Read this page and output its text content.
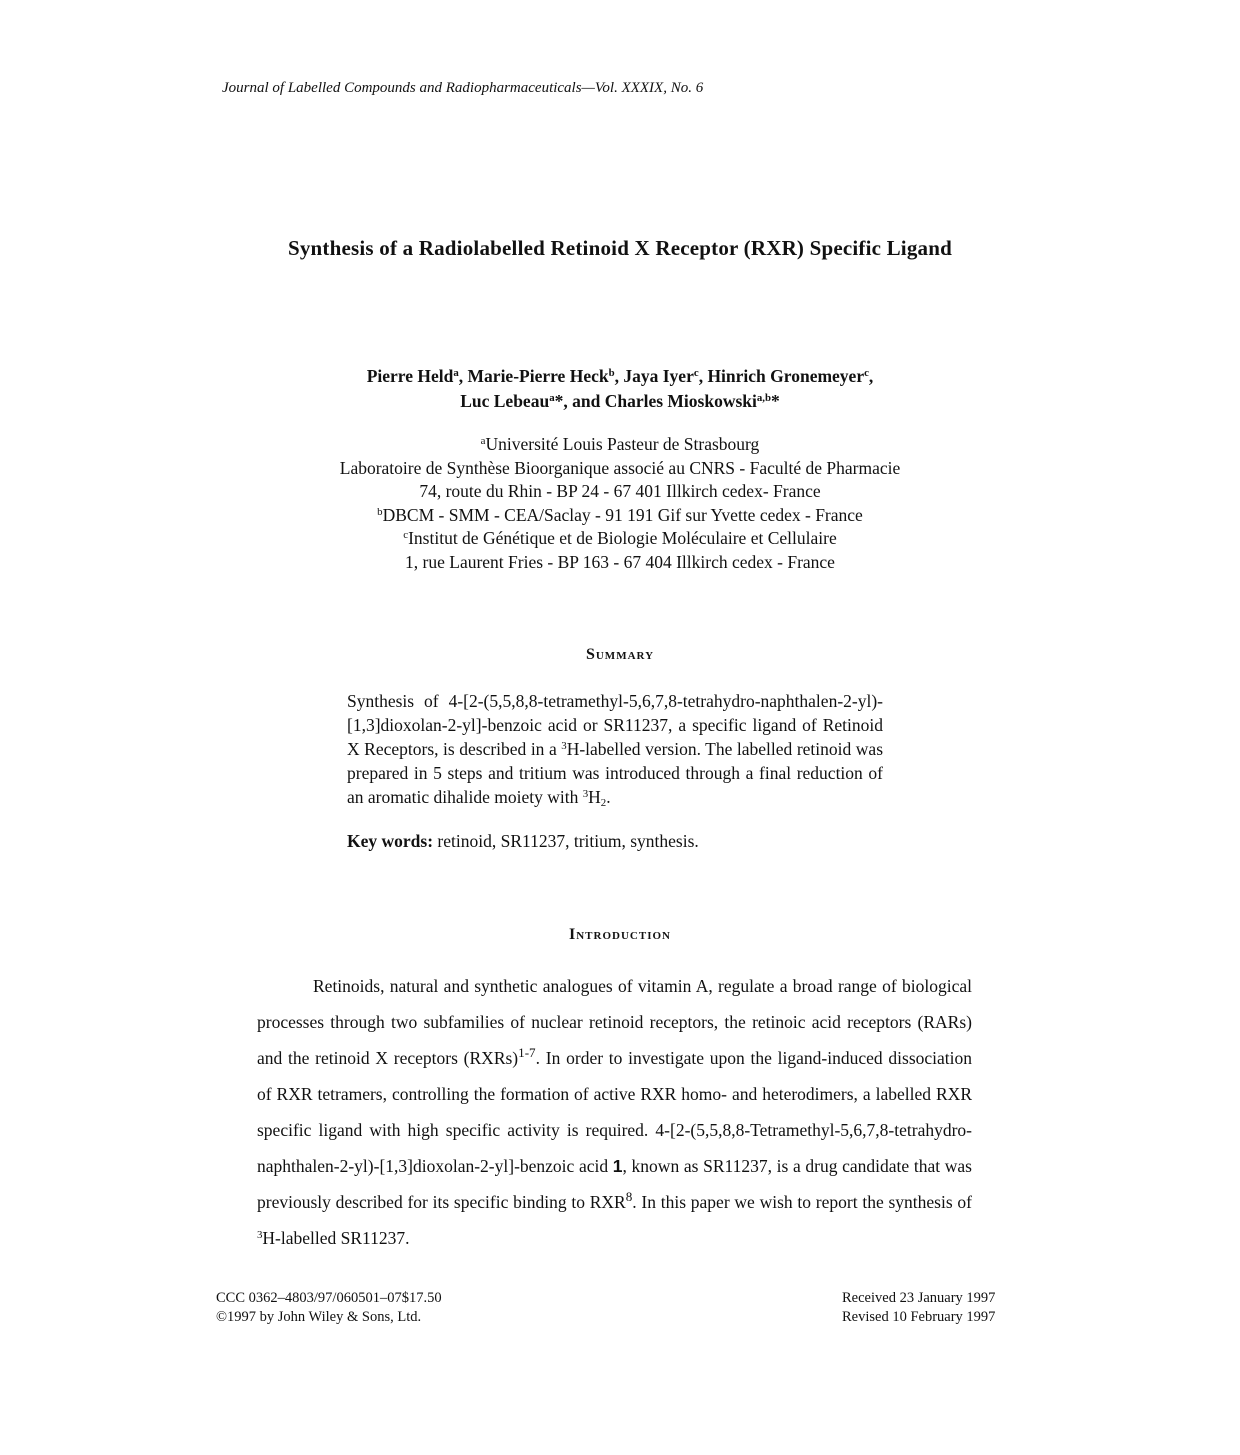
Journal of Labelled Compounds and Radiopharmaceuticals—Vol. XXXIX, No. 6
Synthesis of a Radiolabelled Retinoid X Receptor (RXR) Specific Ligand
Pierre Held$^a$, Marie-Pierre Heck$^b$, Jaya Iyer$^c$, Hinrich Gronemeyer$^c$,
Luc Lebeau$^a$*, and Charles Mioskowski$^{a,b}$*
$^a$Université Louis Pasteur de Strasbourg
Laboratoire de Synthèse Bioorganique associé au CNRS - Faculté de Pharmacie
74, route du Rhin - BP 24 - 67 401 Illkirch cedex- France
$^b$DBCM - SMM - CEA/Saclay - 91 191 Gif sur Yvette cedex - France
$^c$Institut de Génétique et de Biologie Moléculaire et Cellulaire
1, rue Laurent Fries - BP 163 - 67 404 Illkirch cedex - France
Summary
Synthesis of 4-[2-(5,5,8,8-tetramethyl-5,6,7,8-tetrahydro-naphthalen-2-yl)-[1,3]dioxolan-2-yl]-benzoic acid or SR11237, a specific ligand of Retinoid X Receptors, is described in a $^3$H-labelled version. The labelled retinoid was prepared in 5 steps and tritium was introduced through a final reduction of an aromatic dihalide moiety with $^3H_2$.
Key words: retinoid, SR11237, tritium, synthesis.
Introduction
Retinoids, natural and synthetic analogues of vitamin A, regulate a broad range of biological processes through two subfamilies of nuclear retinoid receptors, the retinoic acid receptors (RARs) and the retinoid X receptors (RXRs)$^{1-7}$. In order to investigate upon the ligand-induced dissociation of RXR tetramers, controlling the formation of active RXR homo- and heterodimers, a labelled RXR specific ligand with high specific activity is required. 4-[2-(5,5,8,8-Tetramethyl-5,6,7,8-tetrahydro-naphthalen-2-yl)-[1,3]dioxolan-2-yl]-benzoic acid 1, known as SR11237, is a drug candidate that was previously described for its specific binding to RXR$^8$. In this paper we wish to report the synthesis of $^3$H-labelled SR11237.
CCC 0362–4803/97/060501–07$17.50
©1997 by John Wiley & Sons, Ltd.
Received 23 January 1997
Revised 10 February 1997
